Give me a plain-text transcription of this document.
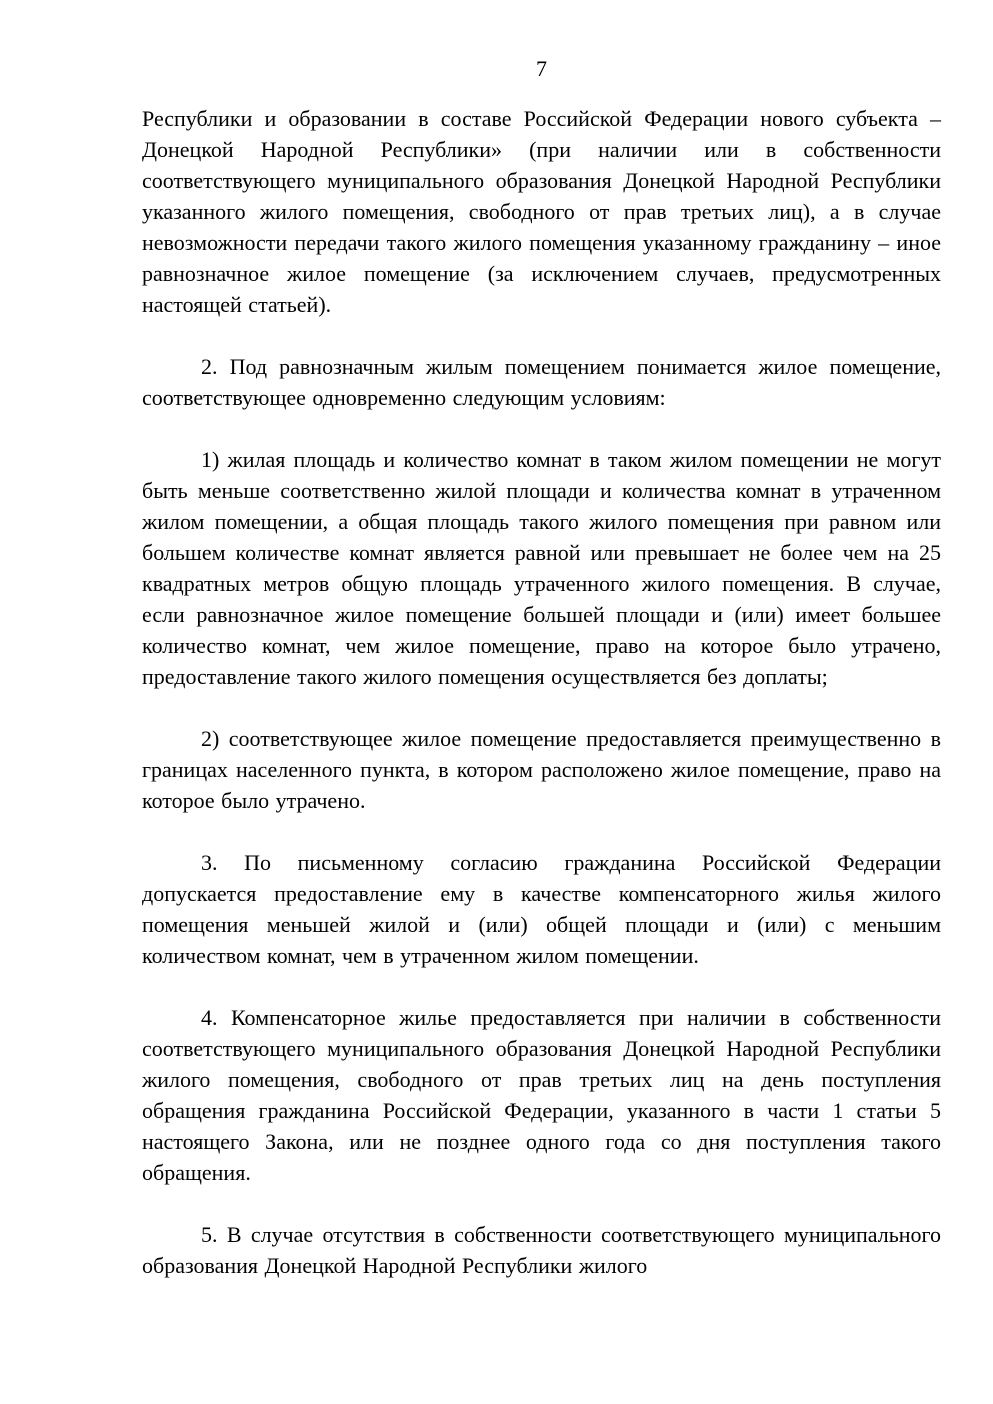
7

Республики и образовании в составе Российской Федерации нового субъекта – Донецкой Народной Республики» (при наличии или в собственности соответствующего муниципального образования Донецкой Народной Республики указанного жилого помещения, свободного от прав третьих лиц), а в случае невозможности передачи такого жилого помещения указанному гражданину – иное равнозначное жилое помещение (за исключением случаев, предусмотренных настоящей статьей).

2. Под равнозначным жилым помещением понимается жилое помещение, соответствующее одновременно следующим условиям:

1) жилая площадь и количество комнат в таком жилом помещении не могут быть меньше соответственно жилой площади и количества комнат в утраченном жилом помещении, а общая площадь такого жилого помещения при равном или большем количестве комнат является равной или превышает не более чем на 25 квадратных метров общую площадь утраченного жилого помещения. В случае, если равнозначное жилое помещение большей площади и (или) имеет большее количество комнат, чем жилое помещение, право на которое было утрачено, предоставление такого жилого помещения осуществляется без доплаты;

2) соответствующее жилое помещение предоставляется преимущественно в границах населенного пункта, в котором расположено жилое помещение, право на которое было утрачено.

3. По письменному согласию гражданина Российской Федерации допускается предоставление ему в качестве компенсаторного жилья жилого помещения меньшей жилой и (или) общей площади и (или) с меньшим количеством комнат, чем в утраченном жилом помещении.

4. Компенсаторное жилье предоставляется при наличии в собственности соответствующего муниципального образования Донецкой Народной Республики жилого помещения, свободного от прав третьих лиц на день поступления обращения гражданина Российской Федерации, указанного в части 1 статьи 5 настоящего Закона, или не позднее одного года со дня поступления такого обращения.

5. В случае отсутствия в собственности соответствующего муниципального образования Донецкой Народной Республики жилого
